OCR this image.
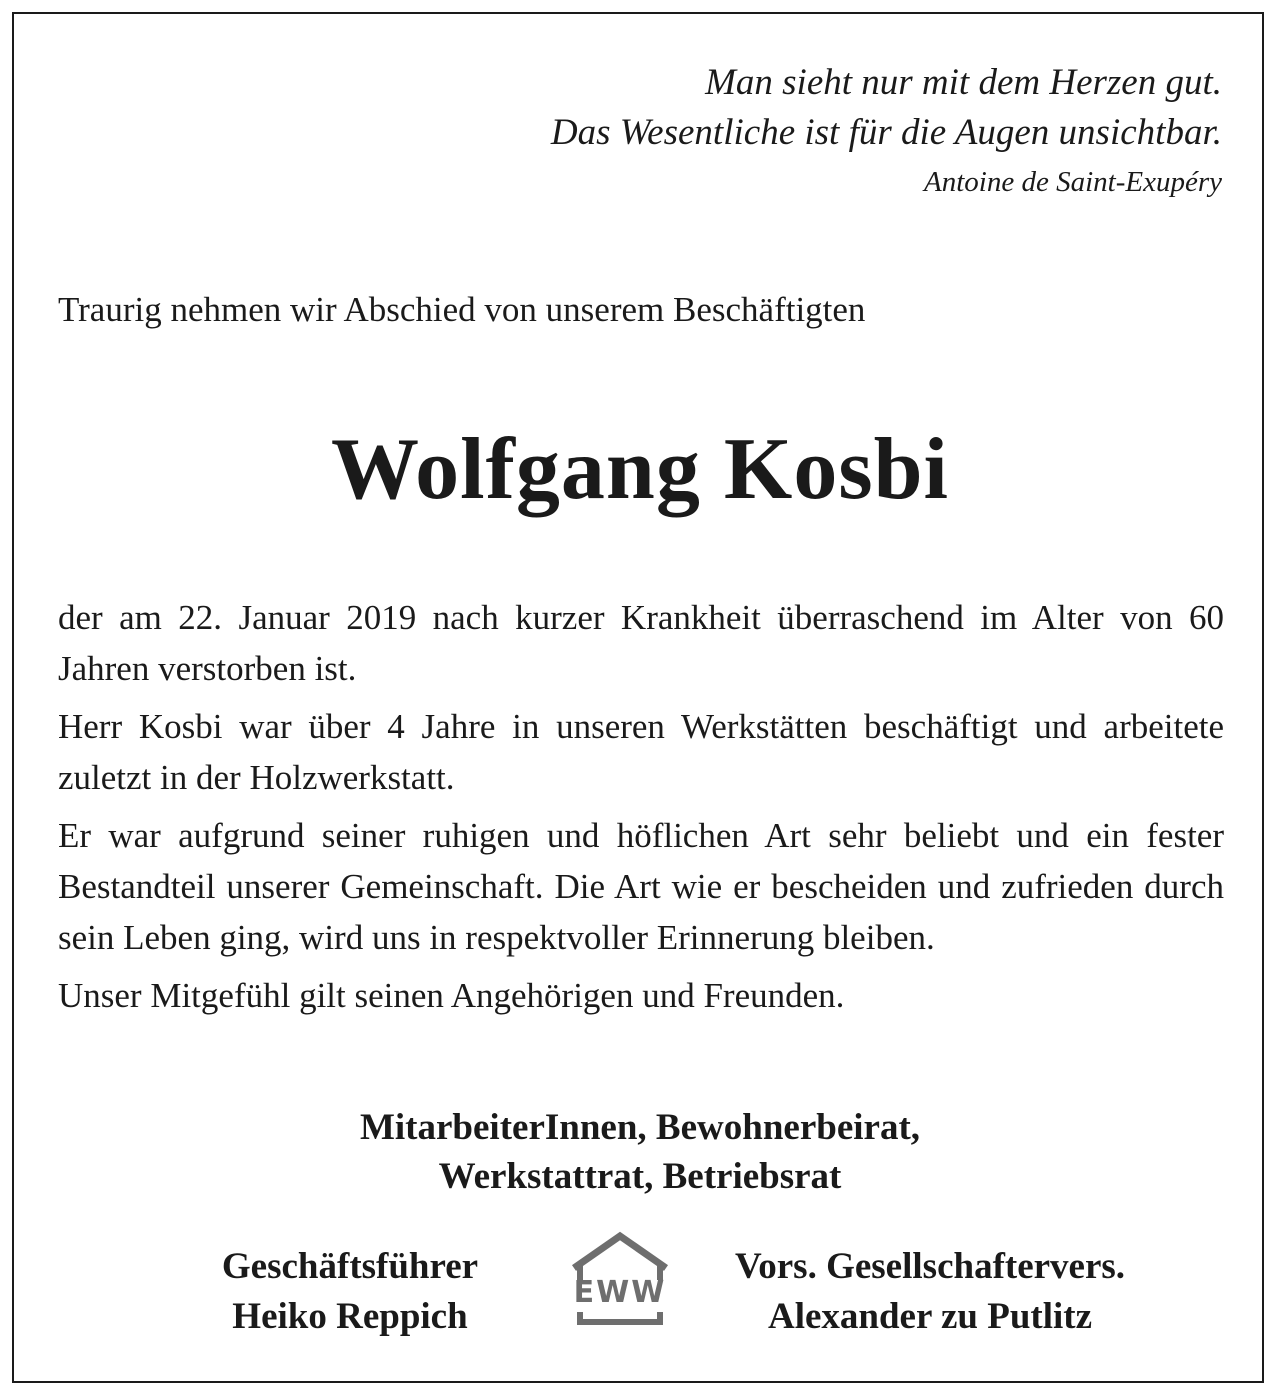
Man sieht nur mit dem Herzen gut.
Das Wesentliche ist für die Augen unsichtbar.
Antoine de Saint-Exupéry
Traurig nehmen wir Abschied von unserem Beschäftigten
Wolfgang Kosbi

der am 22. Januar 2019 nach kurzer Krankheit überraschend im Alter von 60 Jahren verstorben ist.

Herr Kosbi war über 4 Jahre in unseren Werkstätten beschäftigt und arbeitete zuletzt in der Holzwerkstatt.

Er war aufgrund seiner ruhigen und höflichen Art sehr beliebt und ein fester Bestandteil unserer Gemeinschaft. Die Art wie er bescheiden und zufrieden durch sein Leben ging, wird uns in respektvoller Erinnerung bleiben.

Unser Mitgefühl gilt seinen Angehörigen und Freunden.

MitarbeiterInnen, Bewohnerbeirat,
Werkstattrat, Betriebsrat
Geschäftsführer
Heiko Reppich
EWW
Vors. Gesellschaftervers.
Alexander zu Putlitz
